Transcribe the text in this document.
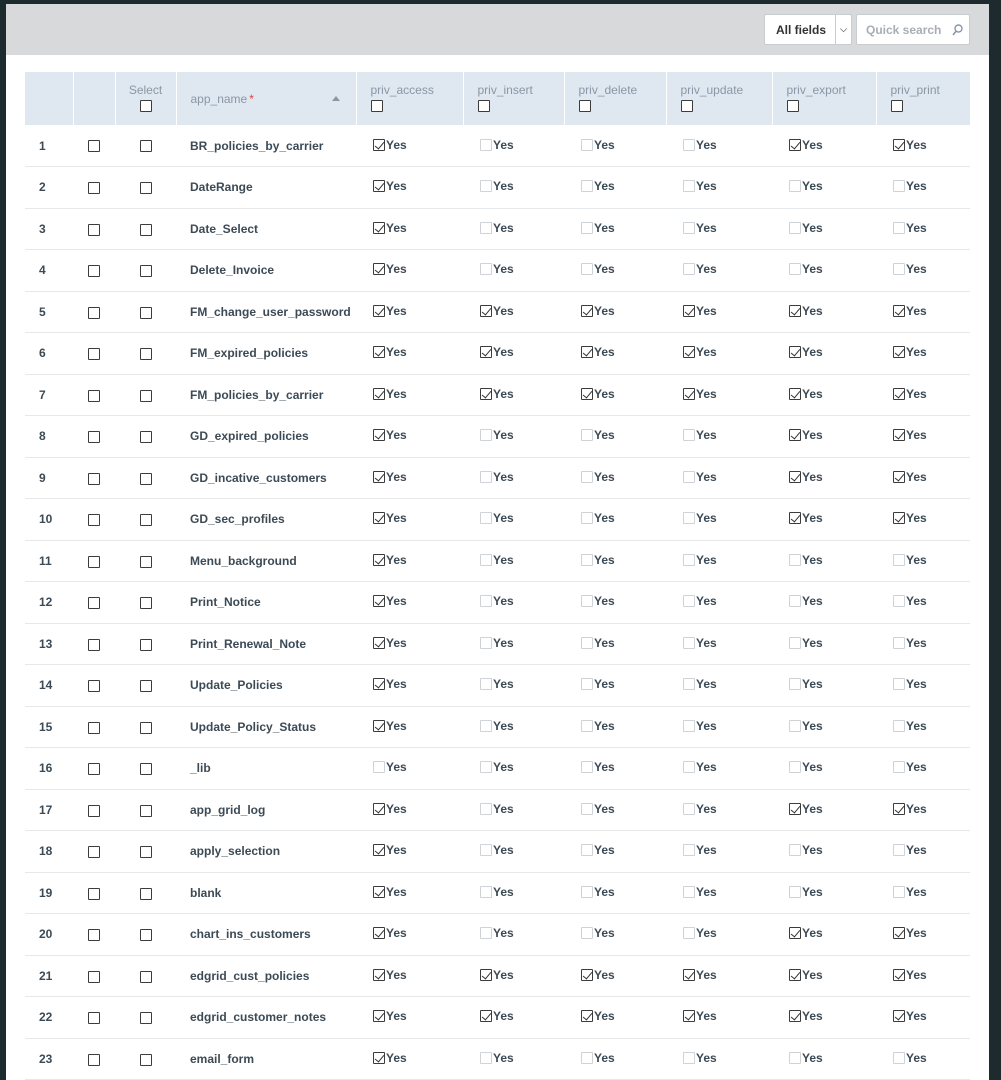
All fields	⌵
Quick search

		Select	app_name *	priv_access	priv_insert	priv_delete	priv_update	priv_export	priv_print

1			BR_policies_by_carrier	Yes	Yes	Yes	Yes	Yes	Yes

2			DateRange	Yes	Yes	Yes	Yes	Yes	Yes

3			Date_Select	Yes	Yes	Yes	Yes	Yes	Yes

4			Delete_Invoice	Yes	Yes	Yes	Yes	Yes	Yes

5			FM_change_user_password	Yes	Yes	Yes	Yes	Yes	Yes

6			FM_expired_policies	Yes	Yes	Yes	Yes	Yes	Yes

7			FM_policies_by_carrier	Yes	Yes	Yes	Yes	Yes	Yes

8			GD_expired_policies	Yes	Yes	Yes	Yes	Yes	Yes

9			GD_incative_customers	Yes	Yes	Yes	Yes	Yes	Yes

10			GD_sec_profiles	Yes	Yes	Yes	Yes	Yes	Yes

11			Menu_background	Yes	Yes	Yes	Yes	Yes	Yes

12			Print_Notice	Yes	Yes	Yes	Yes	Yes	Yes

13			Print_Renewal_Note	Yes	Yes	Yes	Yes	Yes	Yes

14			Update_Policies	Yes	Yes	Yes	Yes	Yes	Yes

15			Update_Policy_Status	Yes	Yes	Yes	Yes	Yes	Yes

16			_lib	Yes	Yes	Yes	Yes	Yes	Yes

17			app_grid_log	Yes	Yes	Yes	Yes	Yes	Yes

18			apply_selection	Yes	Yes	Yes	Yes	Yes	Yes

19			blank	Yes	Yes	Yes	Yes	Yes	Yes

20			chart_ins_customers	Yes	Yes	Yes	Yes	Yes	Yes

21			edgrid_cust_policies	Yes	Yes	Yes	Yes	Yes	Yes

22			edgrid_customer_notes	Yes	Yes	Yes	Yes	Yes	Yes

23			email_form	Yes	Yes	Yes	Yes	Yes	Yes
